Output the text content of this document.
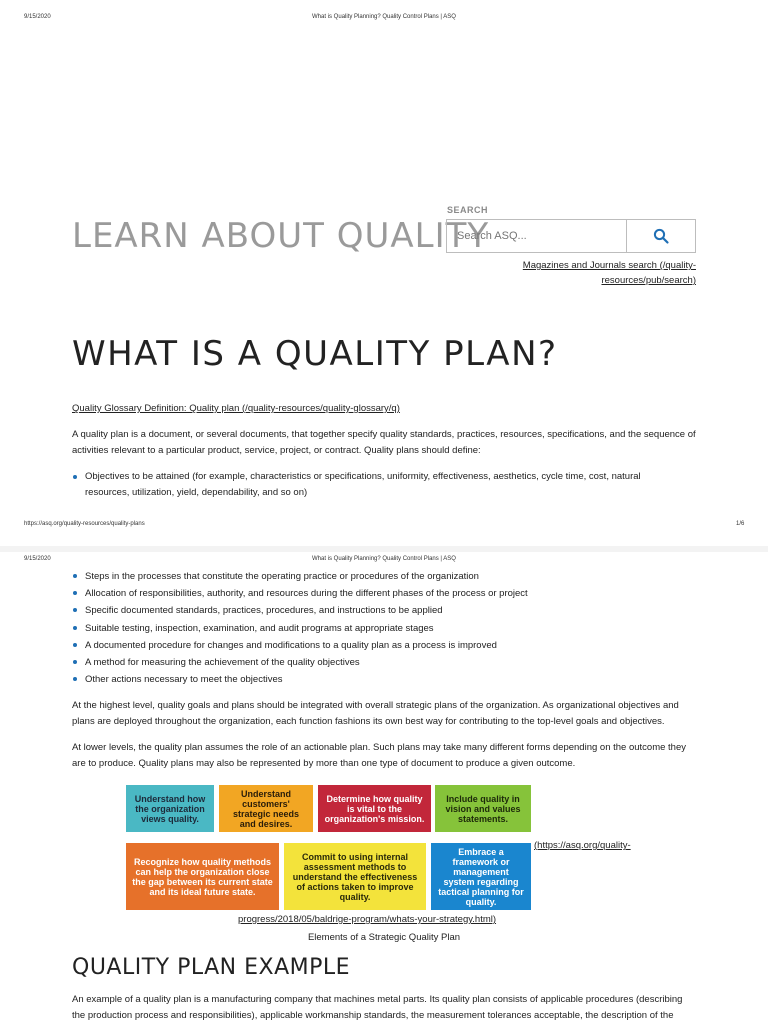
9/15/2020	What is Quality Planning? Quality Control Plans | ASQ
LEARN ABOUT QUALITY
SEARCH
Search ASQ...
Magazines and Journals search (/quality-
resources/pub/search)
WHAT IS A QUALITY PLAN?
Quality Glossary Definition: Quality plan (/quality-resources/quality-glossary/q)

A quality plan is a document, or several documents, that together specify quality standards, practices, resources, specifications, and the sequence of activities relevant to a particular product, service, project, or contract. Quality plans should define:

Objectives to be attained (for example, characteristics or specifications, uniformity, effectiveness, aesthetics, cycle time, cost, natural resources, utilization, yield, dependability, and so on)
https://asq.org/quality-resources/quality-plans	1/6
9/15/2020	What is Quality Planning? Quality Control Plans | ASQ
Steps in the processes that constitute the operating practice or procedures of the organization
Allocation of responsibilities, authority, and resources during the different phases of the process or project
Specific documented standards, practices, procedures, and instructions to be applied
Suitable testing, inspection, examination, and audit programs at appropriate stages
A documented procedure for changes and modifications to a quality plan as a process is improved
A method for measuring the achievement of the quality objectives
Other actions necessary to meet the objectives

At the highest level, quality goals and plans should be integrated with overall strategic plans of the organization. As organizational objectives and plans are deployed throughout the organization, each function fashions its own best way for contributing to the top-level goals and objectives.

At lower levels, the quality plan assumes the role of an actionable plan. Such plans may take many different forms depending on the outcome they are to produce. Quality plans may also be represented by more than one type of document to produce a given outcome.

Understand how the organization views quality.
Understand customers' strategic needs and desires.
Determine how quality is vital to the organization's mission.
Include quality in vision and values statements.
Recognize how quality methods can help the organization close the gap between its current state and its ideal future state.
Commit to using internal assessment methods to understand the effectiveness of actions taken to improve quality.
Embrace a framework or management system regarding tactical planning for quality.
(https://asq.org/quality-
progress/2018/05/baldrige-program/whats-your-strategy.html)
Elements of a Strategic Quality Plan
QUALITY PLAN EXAMPLE

An example of a quality plan is a manufacturing company that machines metal parts. Its quality plan consists of applicable procedures (describing the production process and responsibilities), applicable workmanship standards, the measurement tolerances acceptable, the description of the
